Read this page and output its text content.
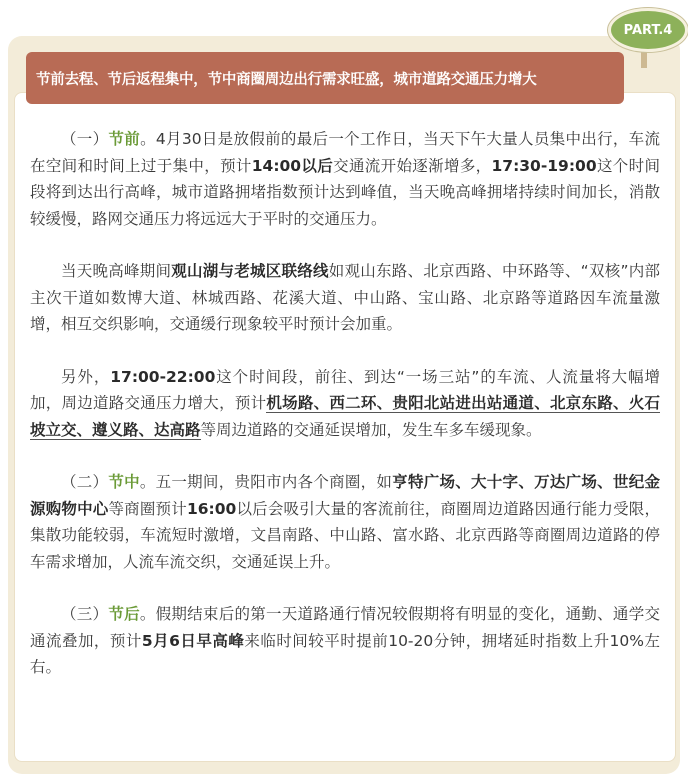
PART.4
节前去程、节后返程集中，节中商圈周边出行需求旺盛，城市道路交通压力增大

（一）节前。4月30日是放假前的最后一个工作日，当天下午大量人员集中出行，车流在空间和时间上过于集中，预计14:00以后交通流开始逐渐增多，17:30-19:00这个时间段将到达出行高峰，城市道路拥堵指数预计达到峰值，当天晚高峰拥堵持续时间加长，消散较缓慢，路网交通压力将远远大于平时的交通压力。

当天晚高峰期间观山湖与老城区联络线如观山东路、北京西路、中环路等、“双核”内部主次干道如数博大道、林城西路、花溪大道、中山路、宝山路、北京路等道路因车流量激增，相互交织影响，交通缓行现象较平时预计会加重。

另外，17:00-22:00这个时间段，前往、到达“一场三站”的车流、人流量将大幅增加，周边道路交通压力增大，预计机场路、西二环、贵阳北站进出站通道、北京东路、火石坡立交、遵义路、达高路等周边道路的交通延误增加，发生车多车缓现象。

（二）节中。五一期间，贵阳市内各个商圈，如亨特广场、大十字、万达广场、世纪金源购物中心等商圈预计16:00以后会吸引大量的客流前往，商圈周边道路因通行能力受限，集散功能较弱，车流短时激增，文昌南路、中山路、富水路、北京西路等商圈周边道路的停车需求增加，人流车流交织，交通延误上升。

（三）节后。假期结束后的第一天道路通行情况较假期将有明显的变化，通勤、通学交通流叠加，预计5月6日早高峰来临时间较平时提前10-20分钟，拥堵延时指数上升10%左右。
